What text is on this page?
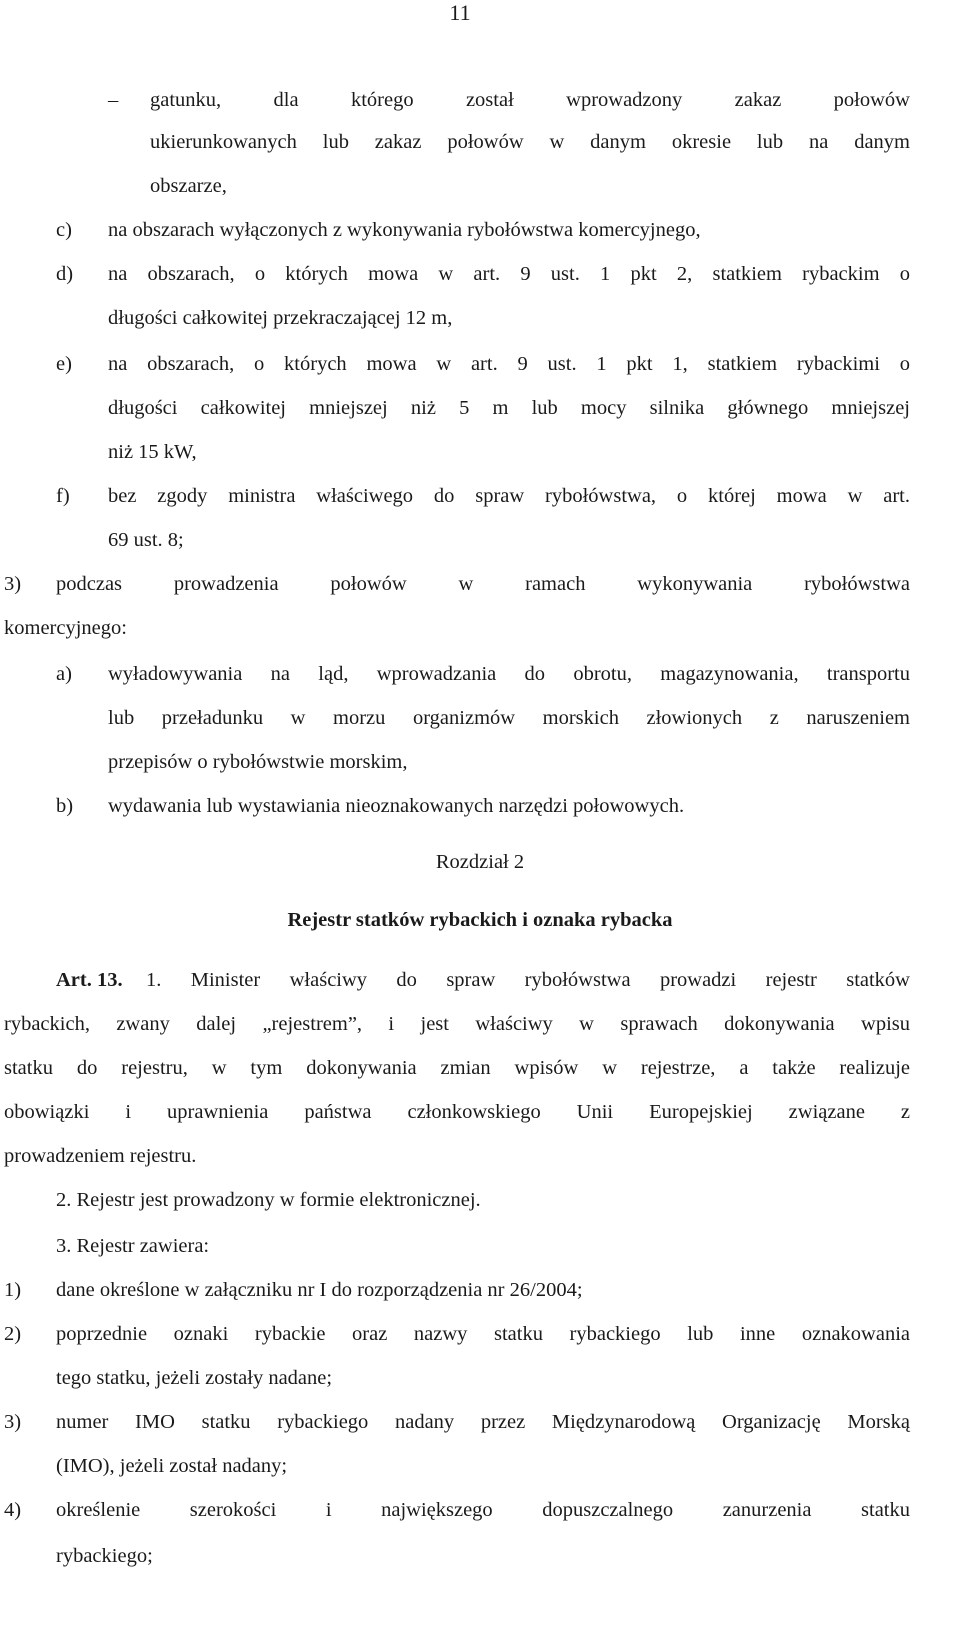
11
– gatunku, dla którego został wprowadzony zakaz połowów
ukierunkowanych lub zakaz połowów w danym okresie lub na danym
obszarze,
c) na obszarach wyłączonych z wykonywania rybołówstwa komercyjnego,
d) na obszarach, o których mowa w art. 9 ust. 1 pkt 2, statkiem rybackim o
długości całkowitej przekraczającej 12 m,
e) na obszarach, o których mowa w art. 9 ust. 1 pkt 1, statkiem rybackimi o
długości całkowitej mniejszej niż 5 m lub mocy silnika głównego mniejszej
niż 15 kW,
f) bez zgody ministra właściwego do spraw rybołówstwa, o której mowa w art.
69 ust. 8;
3) podczas prowadzenia połowów w ramach wykonywania rybołówstwa
komercyjnego:
a) wyładowywania na ląd, wprowadzania do obrotu, magazynowania, transportu
lub przeładunku w morzu organizmów morskich złowionych z naruszeniem
przepisów o rybołówstwie morskim,
b) wydawania lub wystawiania nieoznakowanych narzędzi połowowych.
Rozdział 2
Rejestr statków rybackich i oznaka rybacka
Art. 13. 1. Minister właściwy do spraw rybołówstwa prowadzi rejestr statków
rybackich, zwany dalej „rejestrem”, i jest właściwy w sprawach dokonywania wpisu
statku do rejestru, w tym dokonywania zmian wpisów w rejestrze, a także realizuje
obowiązki i uprawnienia państwa członkowskiego Unii Europejskiej związane z
prowadzeniem rejestru.
2. Rejestr jest prowadzony w formie elektronicznej.
3. Rejestr zawiera:
1) dane określone w załączniku nr I do rozporządzenia nr 26/2004;
2) poprzednie oznaki rybackie oraz nazwy statku rybackiego lub inne oznakowania
tego statku, jeżeli zostały nadane;
3) numer IMO statku rybackiego nadany przez Międzynarodową Organizację Morską
(IMO), jeżeli został nadany;
4) określenie szerokości i największego dopuszczalnego zanurzenia statku
rybackiego;
